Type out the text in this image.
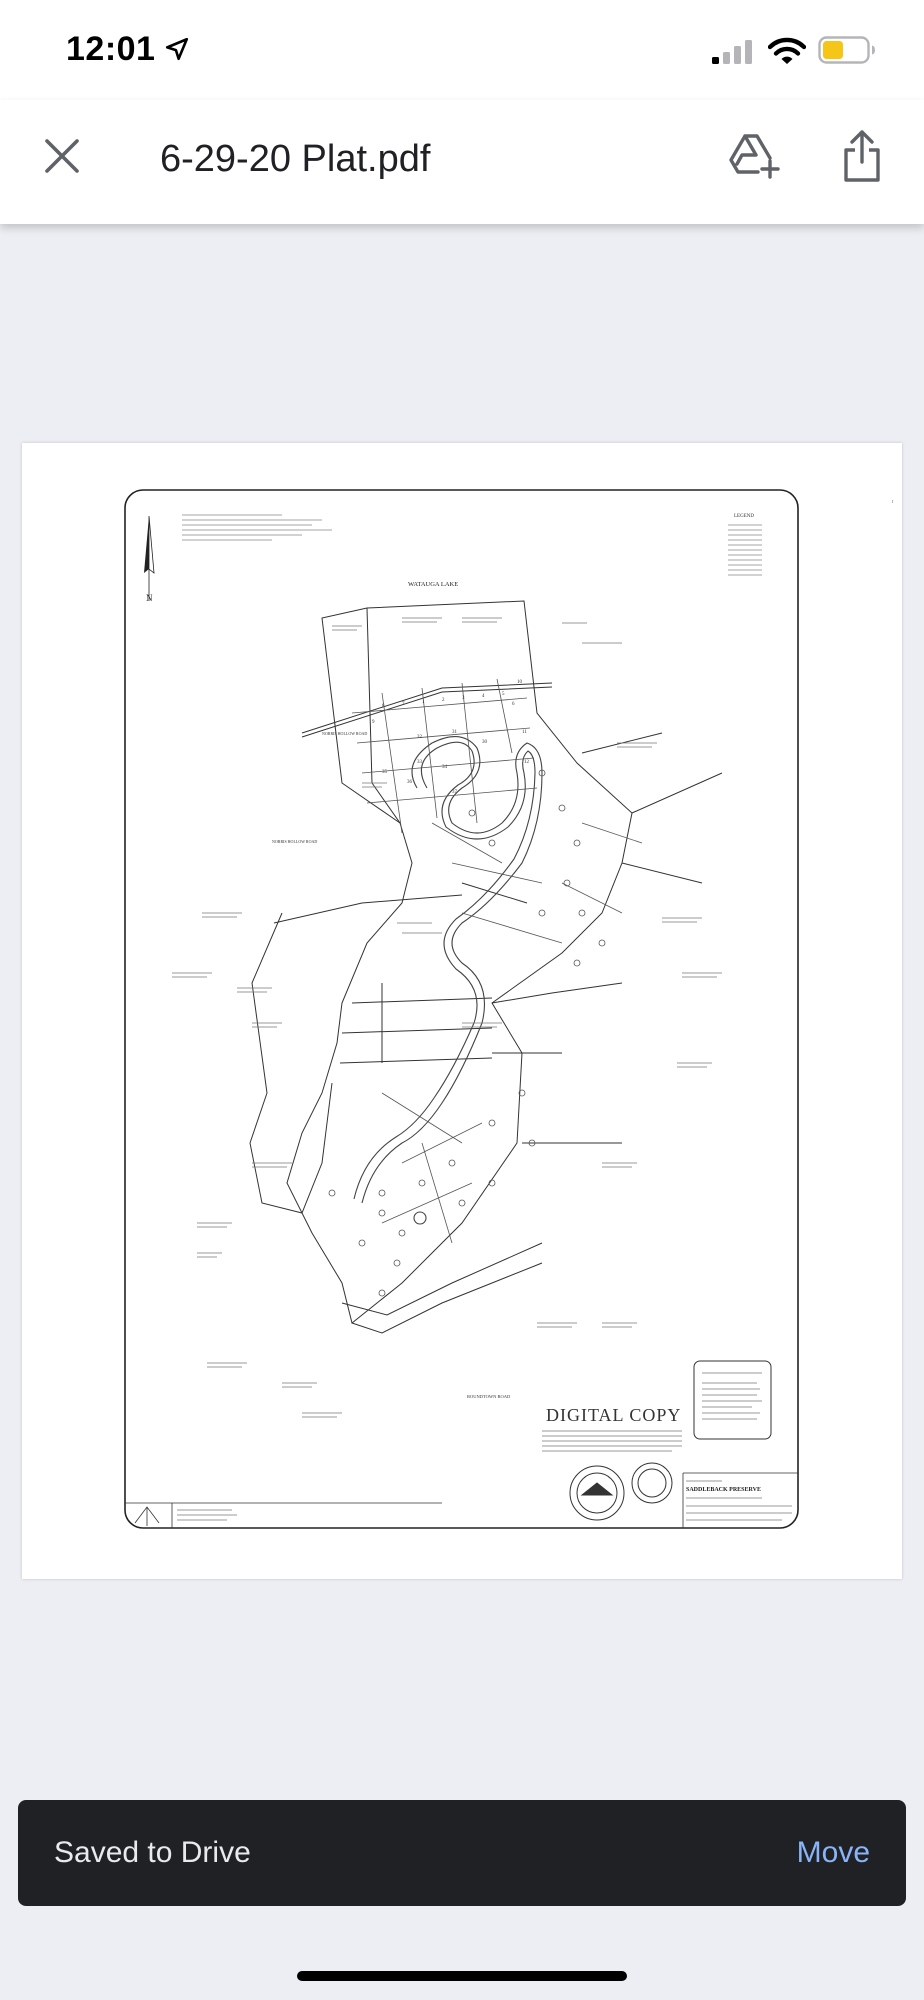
12:01
6-29-20 Plat.pdf
N
LEGEND
WATAUGA LAKE
1	2	3	4	5
6
7
8
9
10
11
12
30
31
32
33
34
35
36
37
NORRIS HOLLOW ROAD
NORRIS HOLLOW ROAD
ROUNDTOWN ROAD
DIGITAL COPY
SADDLEBACK PRESERVE
I
Saved to Drive	Move
